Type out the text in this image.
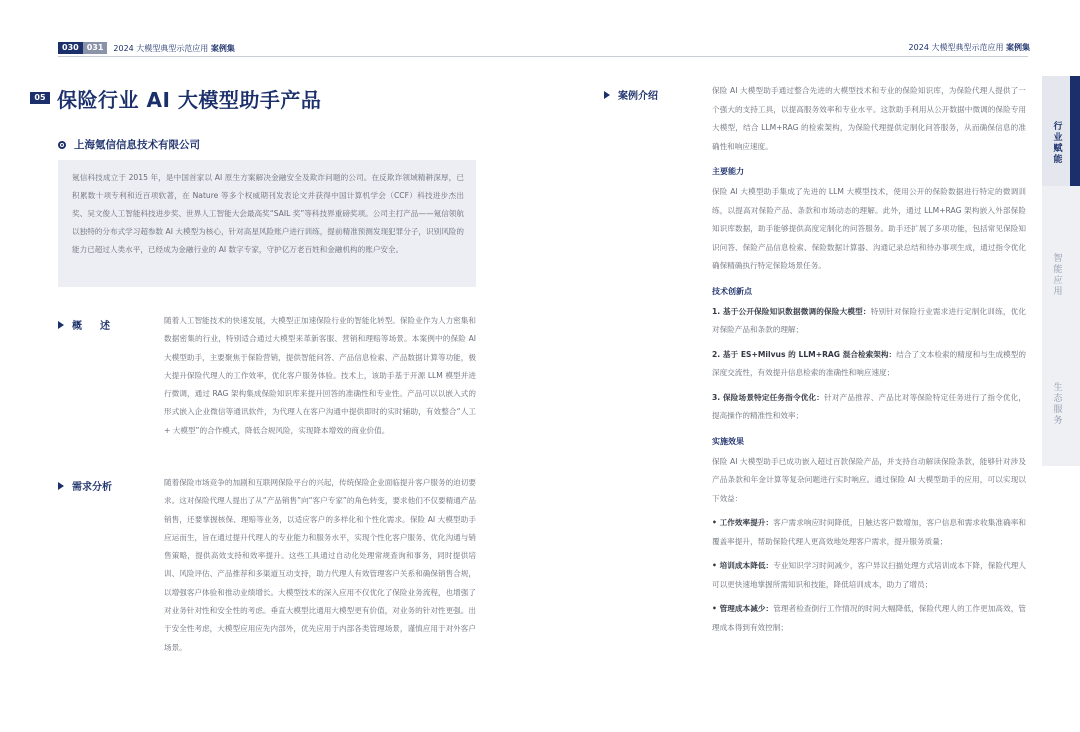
030	031	2024 大模型典型示范应用 案例集	2024 大模型典型示范应用 案例集
05 保险行业 AI 大模型助手产品
上海氪信信息技术有限公司

氪信科技成立于 2015 年，是中国首家以 AI 原生方案解决金融安全及欺诈问题的公司。在反欺诈领域精耕深厚，已积累数十项专利和近百项软著，在 Nature 等多个权威期刊发表论文并获得中国计算机学会（CCF）科技进步杰出奖、吴文俊人工智能科技进步奖、世界人工智能大会最高奖“SAIL 奖”等科技界重磅奖项。公司主打产品——氪信领航以独特的分布式学习超参数 AI 大模型为核心，针对高星风险账户进行训练，提前精准预测发现犯罪分子，识别风险的能力已超过人类水平，已经成为金融行业的 AI 数字专家，守护亿万老百姓和金融机构的账户安全。

概述

随着人工智能技术的快速发展，大模型正加速保险行业的智能化转型。保险业作为人力密集和数据密集的行业，特别适合通过大模型来革新客服、营销和理赔等场景。本案例中的保险 AI 大模型助手，主要聚焦于保险营销，提供智能问答、产品信息检索、产品数据计算等功能，极大提升保险代理人的工作效率，优化客户服务体验。技术上，该助手基于开源 LLM 模型并进行微调，通过 RAG 架构集成保险知识库来提升回答的准确性和专业性。产品可以以嵌入式的形式嵌入企业微信等通讯软件，为代理人在客户沟通中提供即时的实时辅助，有效整合“人工 + 大模型”的合作模式，降低合规风险，实现降本增效的商业价值。

需求分析	随着保险市场竞争的加剧和互联网保险平台的兴起，传统保险企业面临提升客户服务的迫切要求。这对保险代理人提出了从“产品销售”向“客户专家”的角色转变，要求他们不仅要精通产品销售，还要掌握核保、理赔等业务，以适应客户的多样化和个性化需求。保险 AI 大模型助手应运而生，旨在通过提升代理人的专业能力和服务水平，实现个性化客户服务、优化沟通与销售策略，提供高效支持和效率提升。这些工具通过自动化处理常规查询和事务，同时提供培训、风险评估、产品推荐和多渠道互动支持，助力代理人有效管理客户关系和确保销售合规，以增强客户体验和推动业绩增长。大模型技术的深入应用不仅优化了保险业务流程，也增强了对业务针对性和安全性的考虑。垂直大模型比通用大模型更有价值，对业务的针对性更强。出于安全性考虑，大模型应用应先内部外，优先应用于内部各类管理场景，谨慎应用于对外客户场景。

案例介绍

保险 AI 大模型助手通过整合先进的大模型技术和专业的保险知识库，为保险代理人提供了一个强大的支持工具，以提高服务效率和专业水平。这款助手利用从公开数据中微调的保险专用大模型，结合 LLM+RAG 的检索架构，为保险代理提供定制化问答服务，从而确保信息的准确性和响应速度。

主要能力

保险 AI 大模型助手集成了先进的 LLM 大模型技术，使用公开的保险数据进行特定的微调训练，以提高对保险产品、条款和市场动态的理解。此外，通过 LLM+RAG 架构嵌入外部保险知识库数据，助手能够提供高度定制化的问答服务。助手还扩展了多项功能，包括常见保险知识问答、保险产品信息检索、保险数据计算器、沟通记录总结和待办事项生成，通过指令优化确保精确执行特定保险场景任务。

技术创新点

1. 基于公开保险知识数据微调的保险大模型：特别针对保险行业需求进行定制化训练，优化对保险产品和条款的理解；

2. 基于 ES+Milvus 的 LLM+RAG 混合检索架构：结合了文本检索的精度和与生成模型的深度交流性，有效提升信息检索的准确性和响应速度；

3. 保险场景特定任务指令优化：针对产品推荐、产品比对等保险特定任务进行了指令优化，提高操作的精准性和效率；

实施效果

保险 AI 大模型助手已成功嵌入超过百款保险产品，并支持自动解读保险条款，能够针对涉及产品条款和年金计算等复杂问题进行实时响应。通过保险 AI 大模型助手的应用，可以实现以下效益：

• 工作效率提升：客户需求响应时间降低，日触达客户数增加，客户信息和需求收集准确率和覆盖率提升，帮助保险代理人更高效地处理客户需求，提升服务质量；

• 培训成本降低：专业知识学习时间减少，客户异议扫描处理方式培训成本下降，保险代理人可以更快速地掌握所需知识和技能，降低培训成本，助力了增员；

• 管理成本减少：管理者检查倒行工作情况的时间大幅降低，保险代理人的工作更加高效，管理成本得到有效控制；

行业赋能
智能应用
生态服务
